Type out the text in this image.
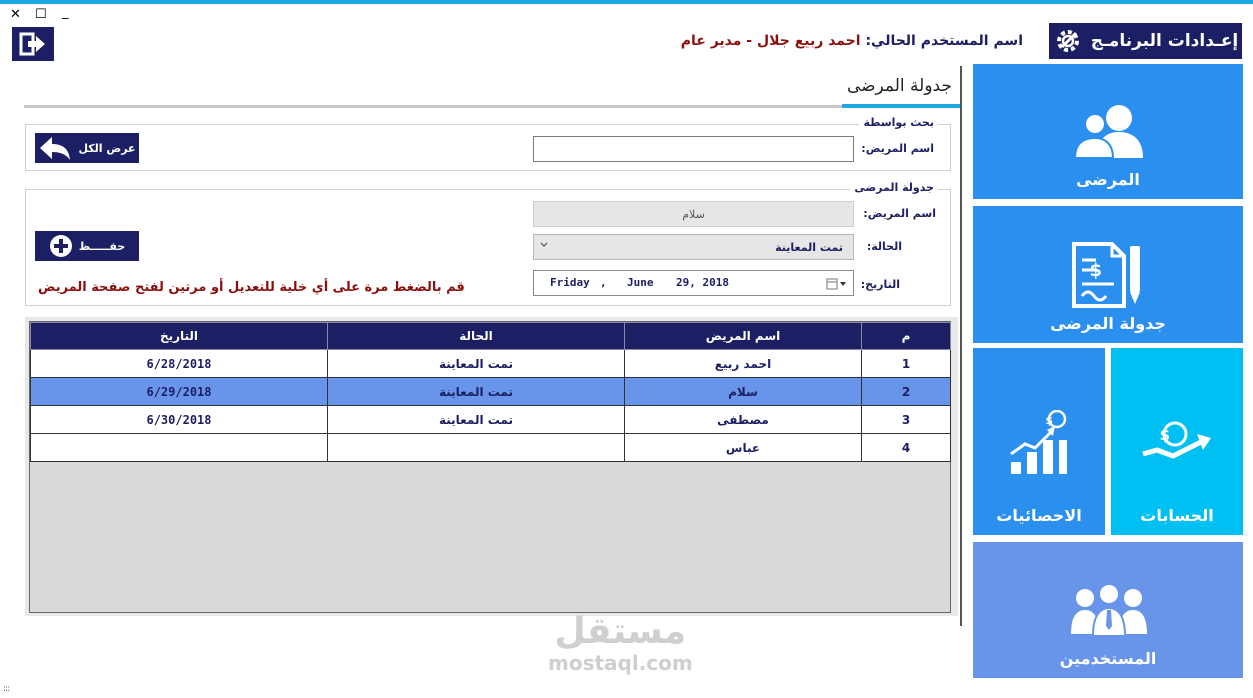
✕ ☐ _
اسم المستخدم الحالي: احمد ربيع جلال - مدير عام	إعـدادات البرنامـج
جدولة المرضى
بحث بواسطة
اسم المريض:
عرض الكل
جدولة المرضى
اسم المريض:
سلام
الحالة:
تمت المعاينة
التاريخ:
Friday , June 29, 2018
حفـــــظ
قم بالضغط مرة على أي خلية للتعديل أو مرتين لفتح صفحة المريض
م	اسم المريض	الحالة	التاريخ
1	احمد ربيع	تمت المعاينة	6/28/2018
2	سلام	تمت المعاينة	6/29/2018
3	مصطفى	تمت المعاينة	6/30/2018
4	عباس		
المرضى
$
جدولة المرضى
$
الحسابات
$
الاحصائيات
المستخدمين
مستقل
mostaql.com
:::
